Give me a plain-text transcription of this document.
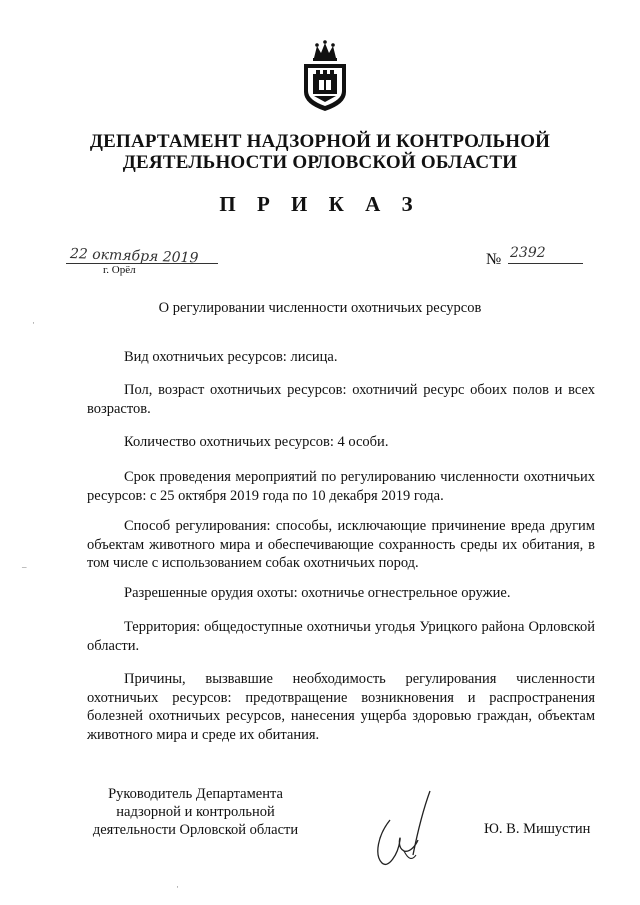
ДЕПАРТАМЕНТ НАДЗОРНОЙ И КОНТРОЛЬНОЙ
ДЕЯТЕЛЬНОСТИ ОРЛОВСКОЙ ОБЛАСТИ
П Р И К А З
22 октября 2019
г. Орёл
№ 2392
О регулировании численности охотничьих ресурсов
Вид охотничьих ресурсов: лисица.
Пол, возраст охотничьих ресурсов: охотничий ресурс обоих полов и всех возрастов.
Количество охотничьих ресурсов: 4 особи.
Срок проведения мероприятий по регулированию численности охотничьих ресурсов: с 25 октября 2019 года по 10 декабря 2019 года.
Способ регулирования: способы, исключающие причинение вреда другим объектам животного мира и обеспечивающие сохранность среды их обитания, в том числе с использованием собак охотничьих пород.
Разрешенные орудия охоты: охотничье огнестрельное оружие.
Территория: общедоступные охотничьи угодья Урицкого района Орловской области.
Причины, вызвавшие необходимость регулирования численности охотничьих ресурсов: предотвращение возникновения и распространения болезней охотничьих ресурсов, нанесения ущерба здоровью граждан, объектам животного мира и среде их обитания.
Руководитель Департамента
надзорной и контрольной
деятельности Орловской области	Ю. В. Мишустин
·
–
·
